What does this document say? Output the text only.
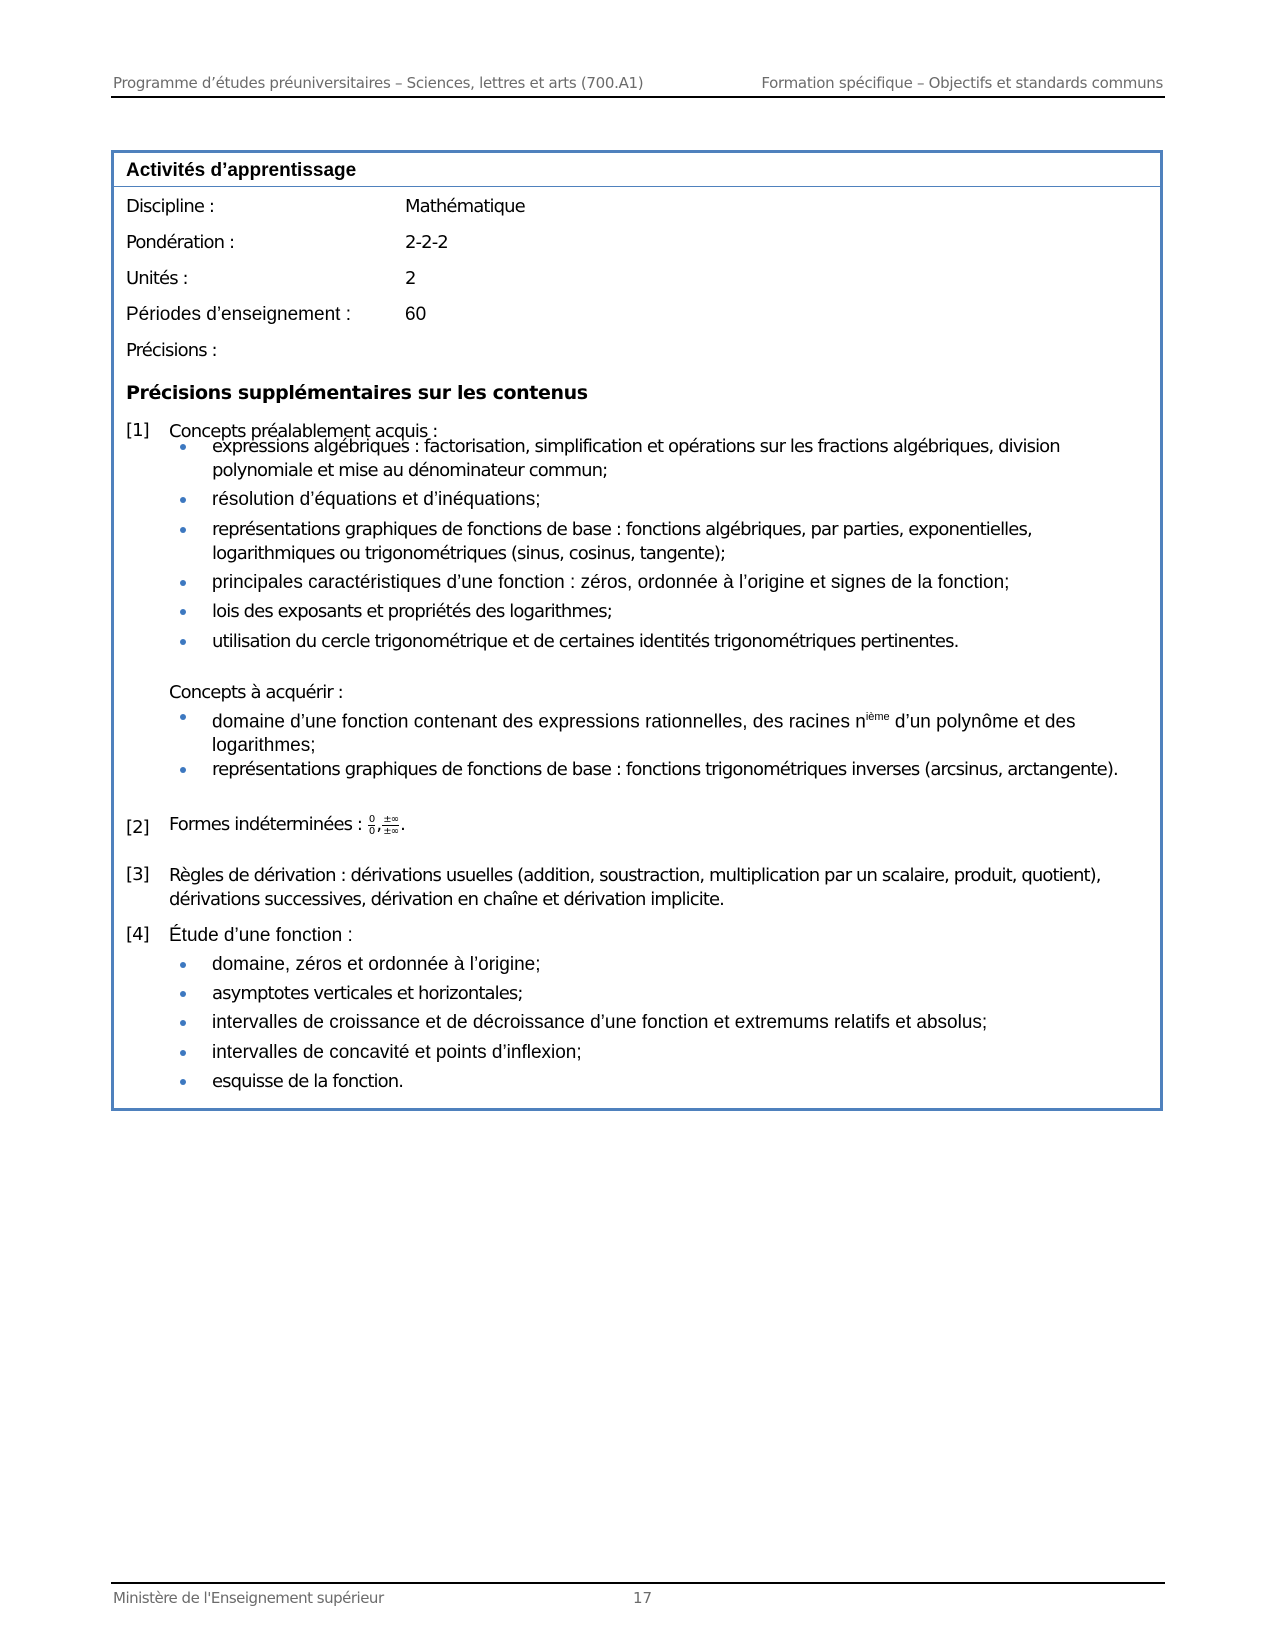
Programme d’études préuniversitaires – Sciences, lettres et arts (700.A1)	Formation spécifique – Objectifs et standards communs
Activités d’apprentissage
Discipline :	Mathématique
Pondération :	2-2-2
Unités :	2
Périodes d’enseignement :	60
Précisions :
Précisions supplémentaires sur les contenus
[1] Concepts préalablement acquis :
expressions algébriques : factorisation, simplification et opérations sur les fractions algébriques, division polynomiale et mise au dénominateur commun;
résolution d’équations et d’inéquations;
représentations graphiques de fonctions de base : fonctions algébriques, par parties, exponentielles, logarithmiques ou trigonométriques (sinus, cosinus, tangente);
principales caractéristiques d’une fonction : zéros, ordonnée à l’origine et signes de la fonction;
lois des exposants et propriétés des logarithmes;
utilisation du cercle trigonométrique et de certaines identités trigonométriques pertinentes.
Concepts à acquérir :
domaine d’une fonction contenant des expressions rationnelles, des racines $n^{ième}$ d’un polynôme et des logarithmes;
représentations graphiques de fonctions de base : fonctions trigonométriques inverses (arcsinus, arctangente).
[2] Formes indéterminées : $\frac{0}{0}$ , $\frac{\pm\infty}{\pm\infty}$ .
[3] Règles de dérivation : dérivations usuelles (addition, soustraction, multiplication par un scalaire, produit, quotient), dérivations successives, dérivation en chaîne et dérivation implicite.
[4] Étude d’une fonction :
domaine, zéros et ordonnée à l’origine;
asymptotes verticales et horizontales;
intervalles de croissance et de décroissance d’une fonction et extremums relatifs et absolus;
intervalles de concavité et points d’inflexion;
esquisse de la fonction.
Ministère de l'Enseignement supérieur	17
